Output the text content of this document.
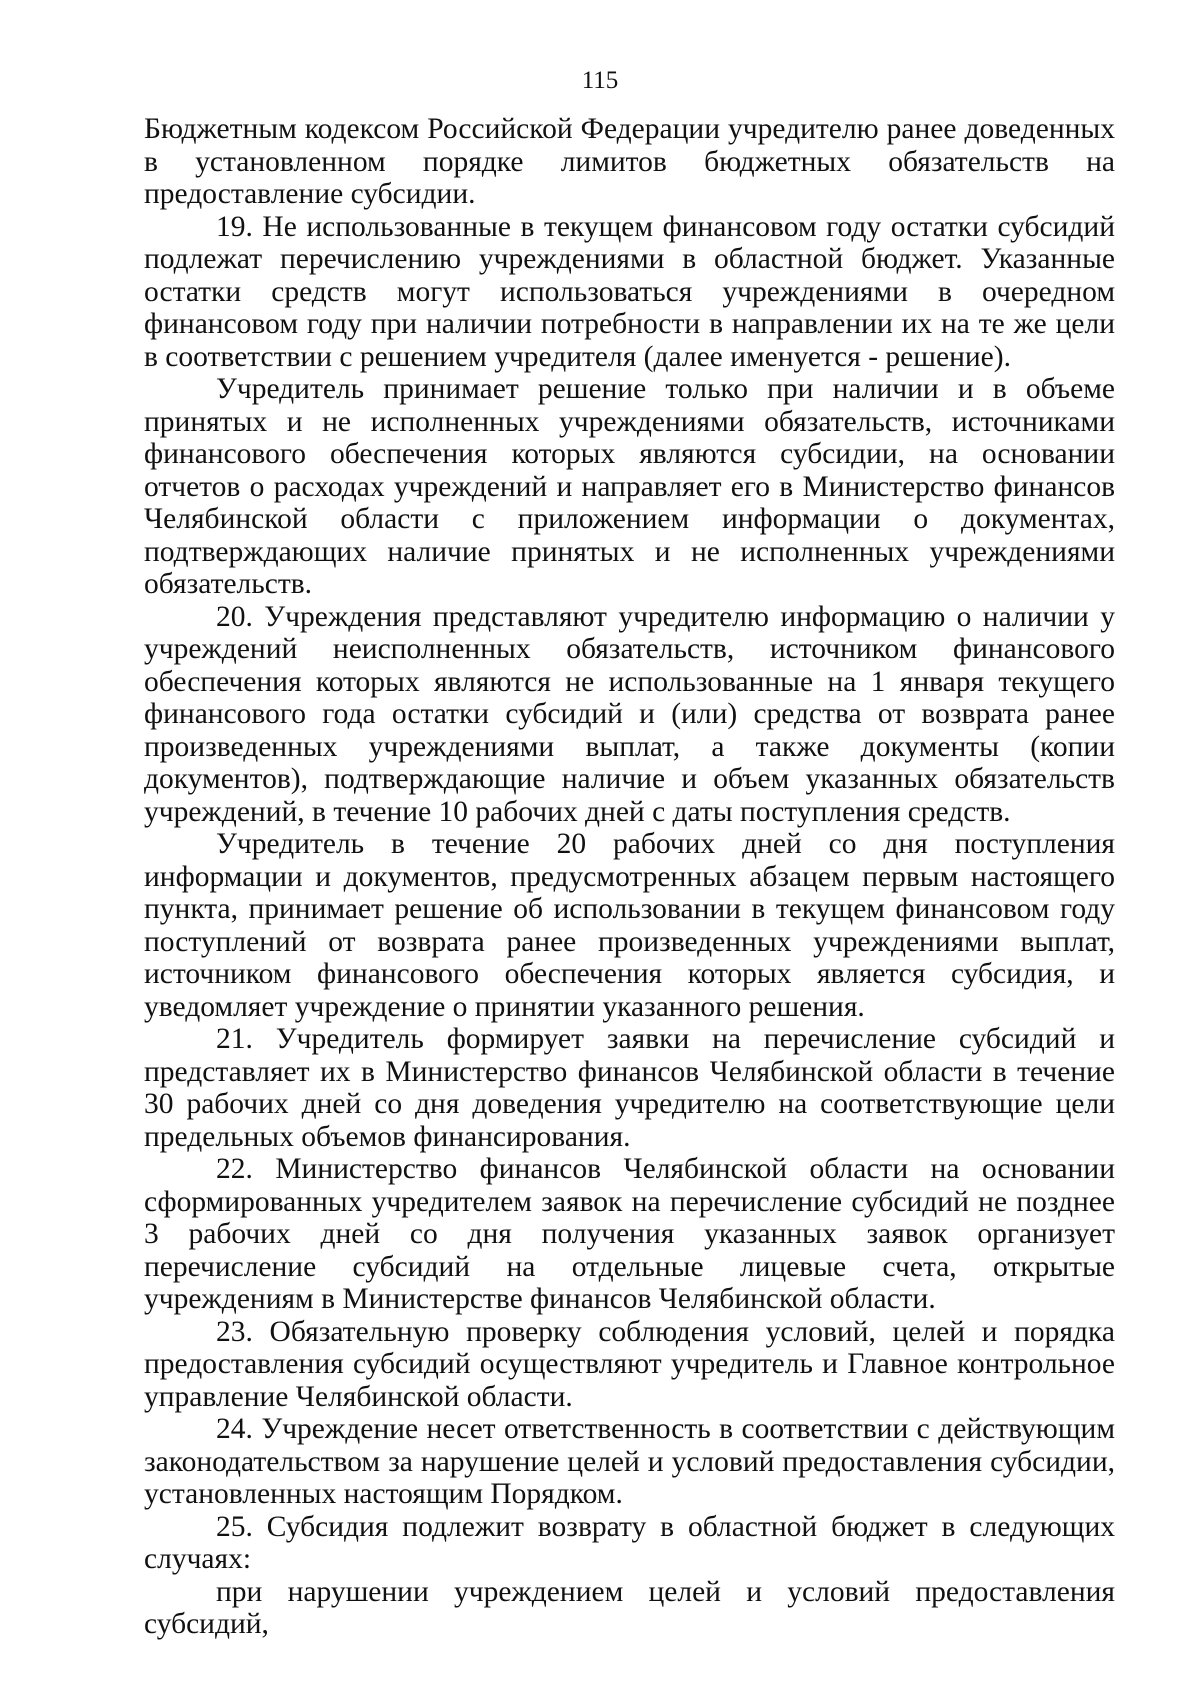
115

Бюджетным кодексом Российской Федерации учредителю ранее доведенных в установленном порядке лимитов бюджетных обязательств на предоставление субсидии.

19. Не использованные в текущем финансовом году остатки субсидий подлежат перечислению учреждениями в областной бюджет. Указанные остатки средств могут использоваться учреждениями в очередном финансовом году при наличии потребности в направлении их на те же цели в соответствии с решением учредителя (далее именуется - решение).

Учредитель принимает решение только при наличии и в объеме принятых и не исполненных учреждениями обязательств, источниками финансового обеспечения которых являются субсидии, на основании отчетов о расходах учреждений и направляет его в Министерство финансов Челябинской области с приложением информации о документах, подтверждающих наличие принятых и не исполненных учреждениями обязательств.

20. Учреждения представляют учредителю информацию о наличии у учреждений неисполненных обязательств, источником финансового обеспечения которых являются не использованные на 1 января текущего финансового года остатки субсидий и (или) средства от возврата ранее произведенных учреждениями выплат, а также документы (копии документов), подтверждающие наличие и объем указанных обязательств учреждений, в течение 10 рабочих дней с даты поступления средств.

Учредитель в течение 20 рабочих дней со дня поступления информации и документов, предусмотренных абзацем первым настоящего пункта, принимает решение об использовании в текущем финансовом году поступлений от возврата ранее произведенных учреждениями выплат, источником финансового обеспечения которых является субсидия, и уведомляет учреждение о принятии указанного решения.

21. Учредитель формирует заявки на перечисление субсидий и представляет их в Министерство финансов Челябинской области в течение 30 рабочих дней со дня доведения учредителю на соответствующие цели предельных объемов финансирования.

22. Министерство финансов Челябинской области на основании сформированных учредителем заявок на перечисление субсидий не позднее 3 рабочих дней со дня получения указанных заявок организует перечисление субсидий на отдельные лицевые счета, открытые учреждениям в Министерстве финансов Челябинской области.

23. Обязательную проверку соблюдения условий, целей и порядка предоставления субсидий осуществляют учредитель и Главное контрольное управление Челябинской области.

24. Учреждение несет ответственность в соответствии с действующим законодательством за нарушение целей и условий предоставления субсидии, установленных настоящим Порядком.

25. Субсидия подлежит возврату в областной бюджет в следующих случаях:

при нарушении учреждением целей и условий предоставления субсидий,
